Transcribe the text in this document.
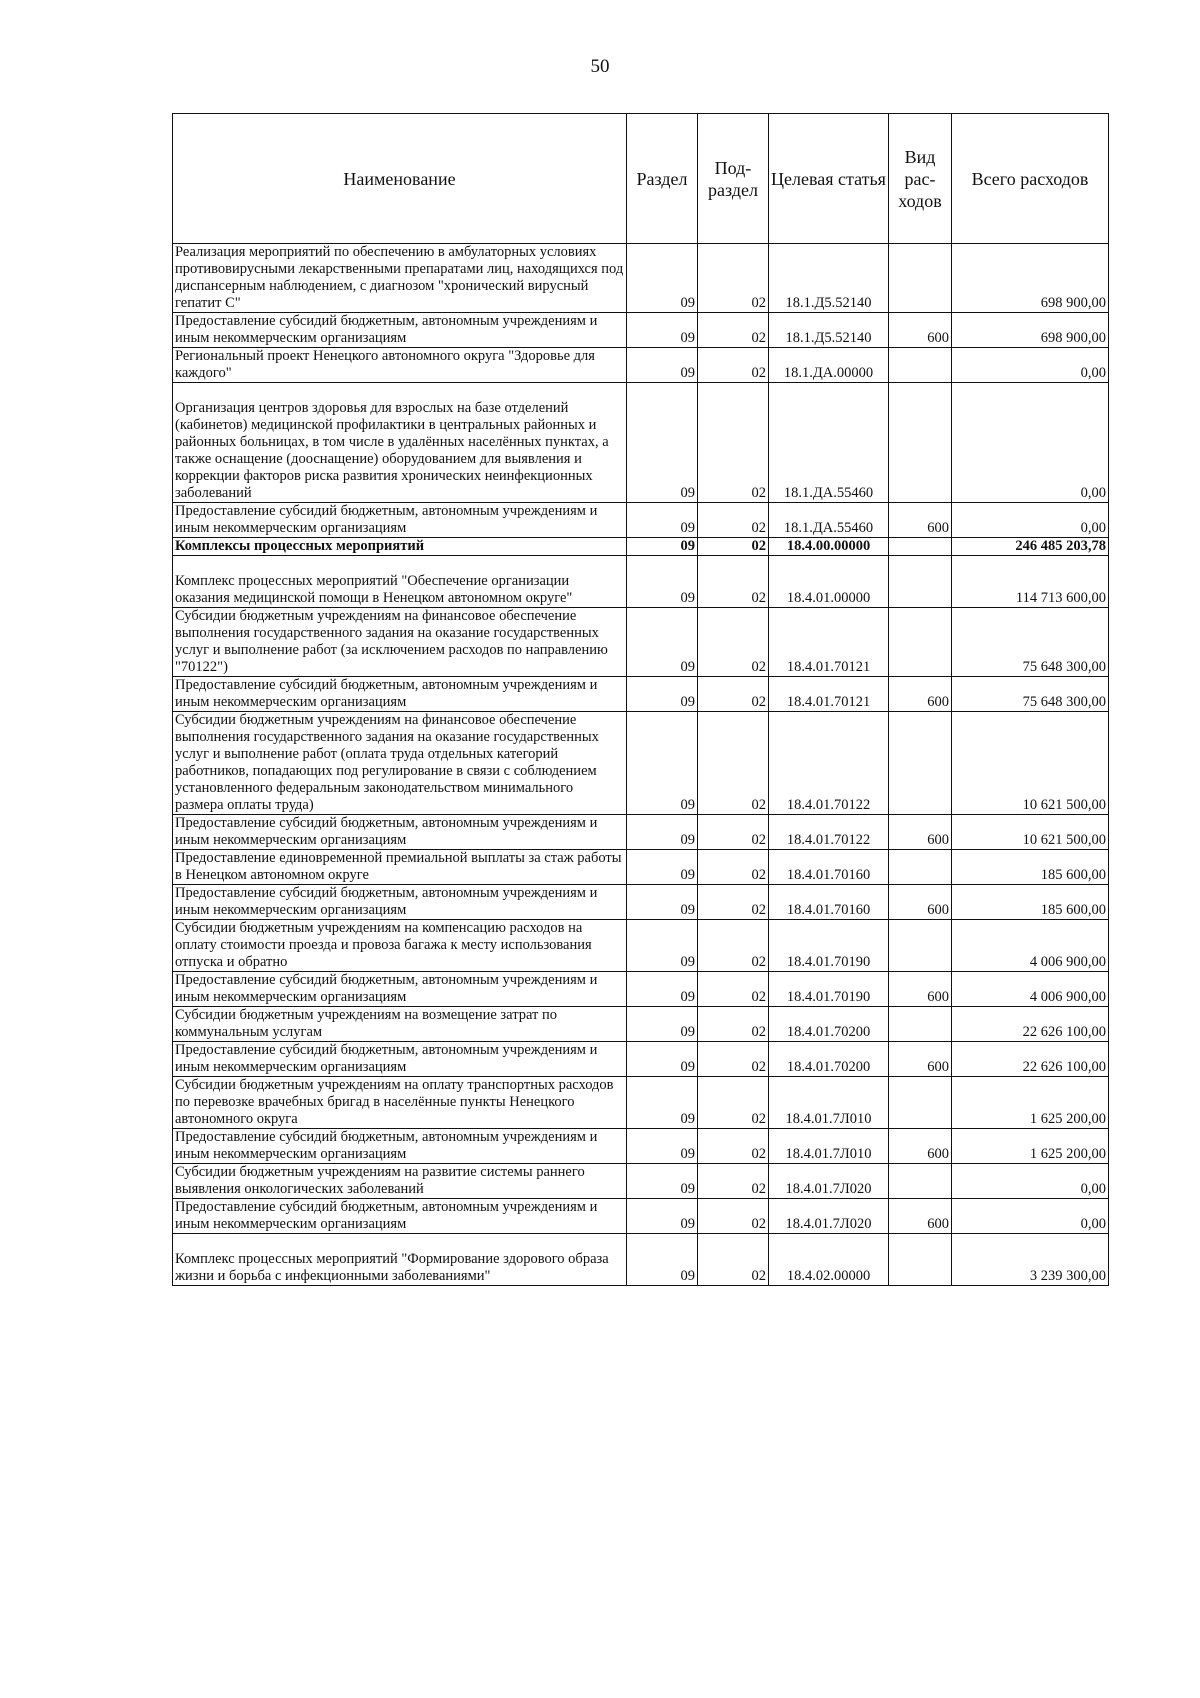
50
Наименование	Раздел	Под-раздел	Целевая статья	Вид рас-ходов	Всего расходов
Реализация мероприятий по обеспечению в амбулаторных условиях противовирусными лекарственными препаратами лиц, находящихся под диспансерным наблюдением, с диагнозом "хронический вирусный гепатит С"	09	02	18.1.Д5.52140		698 900,00
Предоставление субсидий бюджетным, автономным учреждениям и иным некоммерческим организациям	09	02	18.1.Д5.52140	600	698 900,00
Региональный проект Ненецкого автономного округа "Здоровье для каждого"	09	02	18.1.ДА.00000		0,00
Организация центров здоровья для взрослых на базе отделений (кабинетов) медицинской профилактики в центральных районных и районных больницах, в том числе в удалённых населённых пунктах, а также оснащение (дооснащение) оборудованием для выявления и коррекции факторов риска развития хронических неинфекционных заболеваний	09	02	18.1.ДА.55460		0,00
Предоставление субсидий бюджетным, автономным учреждениям и иным некоммерческим организациям	09	02	18.1.ДА.55460	600	0,00
Комплексы процессных мероприятий	09	02	18.4.00.00000		246 485 203,78
Комплекс процессных мероприятий "Обеспечение организации оказания медицинской помощи в Ненецком автономном округе"	09	02	18.4.01.00000		114 713 600,00
Субсидии бюджетным учреждениям на финансовое обеспечение выполнения государственного задания на оказание государственных услуг и выполнение работ (за исключением расходов по направлению "70122")	09	02	18.4.01.70121		75 648 300,00
Предоставление субсидий бюджетным, автономным учреждениям и иным некоммерческим организациям	09	02	18.4.01.70121	600	75 648 300,00
Субсидии бюджетным учреждениям на финансовое обеспечение выполнения государственного задания на оказание государственных услуг и выполнение работ (оплата труда отдельных категорий работников, попадающих под регулирование в связи с соблюдением установленного федеральным законодательством минимального размера оплаты труда)	09	02	18.4.01.70122		10 621 500,00
Предоставление субсидий бюджетным, автономным учреждениям и иным некоммерческим организациям	09	02	18.4.01.70122	600	10 621 500,00
Предоставление единовременной премиальной выплаты за стаж работы в Ненецком автономном округе	09	02	18.4.01.70160		185 600,00
Предоставление субсидий бюджетным, автономным учреждениям и иным некоммерческим организациям	09	02	18.4.01.70160	600	185 600,00
Субсидии бюджетным учреждениям на компенсацию расходов на оплату стоимости проезда и провоза багажа к месту использования отпуска и обратно	09	02	18.4.01.70190		4 006 900,00
Предоставление субсидий бюджетным, автономным учреждениям и иным некоммерческим организациям	09	02	18.4.01.70190	600	4 006 900,00
Субсидии бюджетным учреждениям на возмещение затрат по коммунальным услугам	09	02	18.4.01.70200		22 626 100,00
Предоставление субсидий бюджетным, автономным учреждениям и иным некоммерческим организациям	09	02	18.4.01.70200	600	22 626 100,00
Субсидии бюджетным учреждениям на оплату транспортных расходов по перевозке врачебных бригад в населённые пункты Ненецкого автономного округа	09	02	18.4.01.7Л010		1 625 200,00
Предоставление субсидий бюджетным, автономным учреждениям и иным некоммерческим организациям	09	02	18.4.01.7Л010	600	1 625 200,00
Субсидии бюджетным учреждениям на развитие системы раннего выявления онкологических заболеваний	09	02	18.4.01.7Л020		0,00
Предоставление субсидий бюджетным, автономным учреждениям и иным некоммерческим организациям	09	02	18.4.01.7Л020	600	0,00
Комплекс процессных мероприятий "Формирование здорового образа жизни и борьба с инфекционными заболеваниями"	09	02	18.4.02.00000		3 239 300,00
